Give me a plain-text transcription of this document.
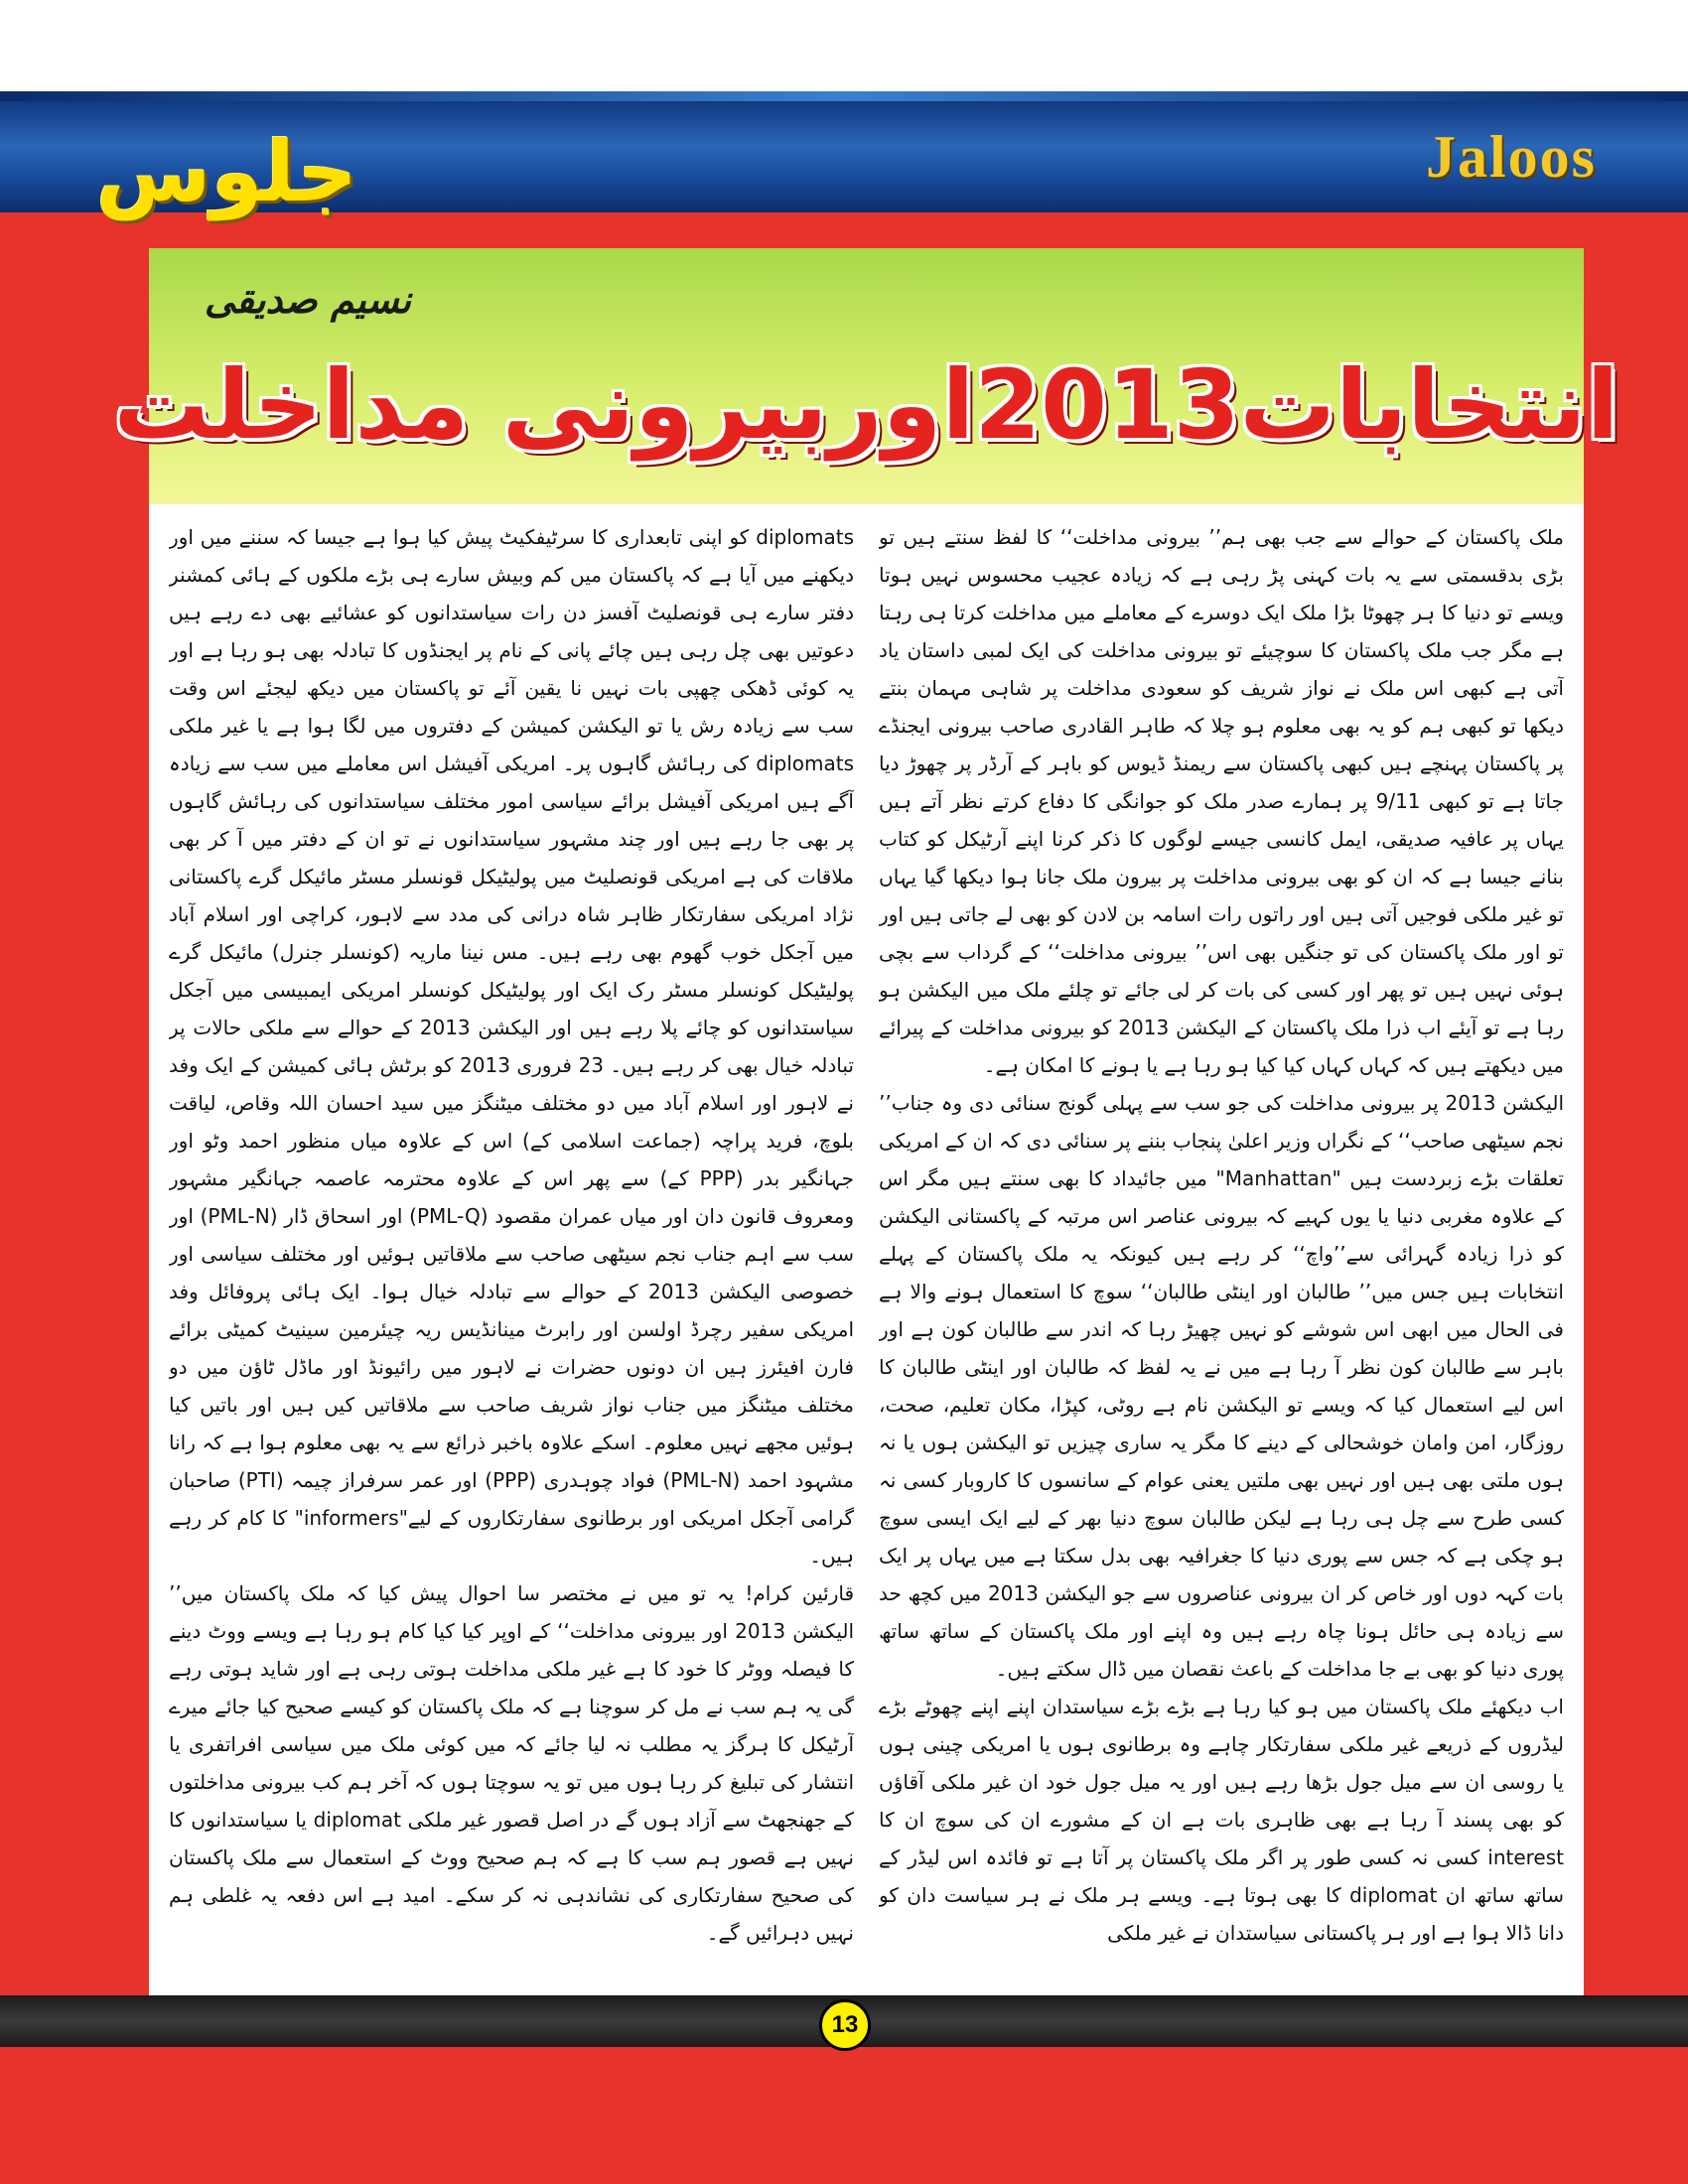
جلوس	Jaloos
نسیم صدیقی
انتخابات2013اوربیرونی مداخلت

ملک پاکستان کے حوالے سے جب بھی ہم’’ بیرونی مداخلت‘‘ کا لفظ سنتے ہیں تو بڑی بدقسمتی سے یہ بات کہنی پڑ رہی ہے کہ زیادہ عجیب محسوس نہیں ہوتا ویسے تو دنیا کا ہر چھوٹا بڑا ملک ایک دوسرے کے معاملے میں مداخلت کرتا ہی رہتا ہے مگر جب ملک پاکستان کا سوچیئے تو بیرونی مداخلت کی ایک لمبی داستان یاد آتی ہے کبھی اس ملک نے نواز شریف کو سعودی مداخلت پر شاہی مہمان بنتے دیکھا تو کبھی ہم کو یہ بھی معلوم ہو چلا کہ طاہر القادری صاحب بیرونی ایجنڈے پر پاکستان پہنچے ہیں کبھی پاکستان سے ریمنڈ ڈیوس کو باہر کے آرڈر پر چھوڑ دیا جاتا ہے تو کبھی 9/11 پر ہمارے صدر ملک کو جوانگی کا دفاع کرتے نظر آتے ہیں یہاں پر عافیہ صدیقی، ایمل کانسی جیسے لوگوں کا ذکر کرنا اپنے آرٹیکل کو کتاب بنانے جیسا ہے کہ ان کو بھی بیرونی مداخلت پر بیرون ملک جانا ہوا دیکھا گیا یہاں تو غیر ملکی فوجیں آتی ہیں اور راتوں رات اسامہ بن لادن کو بھی لے جاتی ہیں اور تو اور ملک پاکستان کی تو جنگیں بھی اس’’ بیرونی مداخلت‘‘ کے گرداب سے بچی ہوئی نہیں ہیں تو پھر اور کسی کی بات کر لی جائے تو چلئے ملک میں الیکشن ہو رہا ہے تو آیئے اب ذرا ملک پاکستان کے الیکشن 2013 کو بیرونی مداخلت کے پیرائے میں دیکھتے ہیں کہ کہاں کہاں کیا کیا ہو رہا ہے یا ہونے کا امکان ہے۔

الیکشن 2013 پر بیرونی مداخلت کی جو سب سے پہلی گونج سنائی دی وہ جناب’’ نجم سیٹھی صاحب‘‘ کے نگراں وزیر اعلیٰ پنجاب بننے پر سنائی دی کہ ان کے امریکی تعلقات بڑے زبردست ہیں "Manhattan" میں جائیداد کا بھی سنتے ہیں مگر اس کے علاوہ مغربی دنیا یا یوں کہیے کہ بیرونی عناصر اس مرتبہ کے پاکستانی الیکشن کو ذرا زیادہ گہرائی سے’’واچ‘‘ کر رہے ہیں کیونکہ یہ ملک پاکستان کے پہلے انتخابات ہیں جس میں’’ طالبان اور اینٹی طالبان‘‘ سوچ کا استعمال ہونے والا ہے فی الحال میں ابھی اس شوشے کو نہیں چھیڑ رہا کہ اندر سے طالبان کون ہے اور باہر سے طالبان کون نظر آ رہا ہے میں نے یہ لفظ کہ طالبان اور اینٹی طالبان کا اس لیے استعمال کیا کہ ویسے تو الیکشن نام ہے روٹی، کپڑا، مکان تعلیم، صحت، روزگار، امن وامان خوشحالی کے دینے کا مگر یہ ساری چیزیں تو الیکشن ہوں یا نہ ہوں ملتی بھی ہیں اور نہیں بھی ملتیں یعنی عوام کے سانسوں کا کاروبار کسی نہ کسی طرح سے چل ہی رہا ہے لیکن طالبان سوچ دنیا بھر کے لیے ایک ایسی سوچ ہو چکی ہے کہ جس سے پوری دنیا کا جغرافیہ بھی بدل سکتا ہے میں یہاں پر ایک بات کہہ دوں اور خاص کر ان بیرونی عناصروں سے جو الیکشن 2013 میں کچھ حد سے زیادہ ہی حائل ہونا چاہ رہے ہیں وہ اپنے اور ملک پاکستان کے ساتھ ساتھ پوری دنیا کو بھی بے جا مداخلت کے باعث نقصان میں ڈال سکتے ہیں۔

اب دیکھئے ملک پاکستان میں ہو کیا رہا ہے بڑے بڑے سیاستدان اپنے اپنے چھوٹے بڑے لیڈروں کے ذریعے غیر ملکی سفارتکار چاہے وہ برطانوی ہوں یا امریکی چینی ہوں یا روسی ان سے میل جول بڑھا رہے ہیں اور یہ میل جول خود ان غیر ملکی آقاؤں کو بھی پسند آ رہا ہے بھی ظاہری بات ہے ان کے مشورے ان کی سوچ ان کا interest کسی نہ کسی طور پر اگر ملک پاکستان پر آتا ہے تو فائدہ اس لیڈر کے ساتھ ساتھ ان diplomat کا بھی ہوتا ہے۔ ویسے ہر ملک نے ہر سیاست دان کو دانا ڈالا ہوا ہے اور ہر پاکستانی سیاستدان نے غیر ملکی

diplomats کو اپنی تابعداری کا سرٹیفکیٹ پیش کیا ہوا ہے جیسا کہ سننے میں اور دیکھنے میں آیا ہے کہ پاکستان میں کم وبیش سارے ہی بڑے ملکوں کے ہائی کمشنر دفتر سارے ہی قونصلیٹ آفسز دن رات سیاستدانوں کو عشائیے بھی دے رہے ہیں دعوتیں بھی چل رہی ہیں چائے پانی کے نام پر ایجنڈوں کا تبادلہ بھی ہو رہا ہے اور یہ کوئی ڈھکی چھپی بات نہیں نا یقین آئے تو پاکستان میں دیکھ لیجئے اس وقت سب سے زیادہ رش یا تو الیکشن کمیشن کے دفتروں میں لگا ہوا ہے یا غیر ملکی diplomats کی رہائش گاہوں پر۔ امریکی آفیشل اس معاملے میں سب سے زیادہ آگے ہیں امریکی آفیشل برائے سیاسی امور مختلف سیاستدانوں کی رہائش گاہوں پر بھی جا رہے ہیں اور چند مشہور سیاستدانوں نے تو ان کے دفتر میں آ کر بھی ملاقات کی ہے امریکی قونصلیٹ میں پولیٹیکل قونسلر مسٹر مائیکل گرے پاکستانی نژاد امریکی سفارتکار ظاہر شاہ درانی کی مدد سے لاہور، کراچی اور اسلام آباد میں آجکل خوب گھوم بھی رہے ہیں۔ مس نینا ماریہ (کونسلر جنرل) مائیکل گرے پولیٹیکل کونسلر مسٹر رک ایک اور پولیٹیکل کونسلر امریکی ایمبیسی میں آجکل سیاستدانوں کو چائے پلا رہے ہیں اور الیکشن 2013 کے حوالے سے ملکی حالات پر تبادلہ خیال بھی کر رہے ہیں۔ 23 فروری 2013 کو برٹش ہائی کمیشن کے ایک وفد نے لاہور اور اسلام آباد میں دو مختلف میٹنگز میں سید احسان اللہ وقاص، لیاقت بلوچ، فرید پراچہ (جماعت اسلامی کے) اس کے علاوہ میاں منظور احمد وٹو اور جہانگیر بدر (PPP کے) سے پھر اس کے علاوہ محترمہ عاصمہ جہانگیر مشہور ومعروف قانون دان اور میاں عمران مقصود (PML-Q) اور اسحاق ڈار (PML-N) اور سب سے اہم جناب نجم سیٹھی صاحب سے ملاقاتیں ہوئیں اور مختلف سیاسی اور خصوصی الیکشن 2013 کے حوالے سے تبادلہ خیال ہوا۔ ایک ہائی پروفائل وفد امریکی سفیر رچرڈ اولسن اور رابرٹ مینانڈیس ریہ چیئرمین سینیٹ کمیٹی برائے فارن افیئرز ہیں ان دونوں حضرات نے لاہور میں رائیونڈ اور ماڈل ٹاؤن میں دو مختلف میٹنگز میں جناب نواز شریف صاحب سے ملاقاتیں کیں ہیں اور باتیں کیا ہوئیں مجھے نہیں معلوم۔ اسکے علاوہ باخبر ذرائع سے یہ بھی معلوم ہوا ہے کہ رانا مشہود احمد (PML-N) فواد چوہدری (PPP) اور عمر سرفراز چیمہ (PTI) صاحبان گرامی آجکل امریکی اور برطانوی سفارتکاروں کے لیے"informers" کا کام کر رہے ہیں۔

قارئین کرام! یہ تو میں نے مختصر سا احوال پیش کیا کہ ملک پاکستان میں’’ الیکشن 2013 اور بیرونی مداخلت‘‘ کے اوپر کیا کیا کام ہو رہا ہے ویسے ووٹ دینے کا فیصلہ ووٹر کا خود کا ہے غیر ملکی مداخلت ہوتی رہی ہے اور شاید ہوتی رہے گی یہ ہم سب نے مل کر سوچنا ہے کہ ملک پاکستان کو کیسے صحیح کیا جائے میرے آرٹیکل کا ہرگز یہ مطلب نہ لیا جائے کہ میں کوئی ملک میں سیاسی افراتفری یا انتشار کی تبلیغ کر رہا ہوں میں تو یہ سوچتا ہوں کہ آخر ہم کب بیرونی مداخلتوں کے جھنجھٹ سے آزاد ہوں گے در اصل قصور غیر ملکی diplomat یا سیاستدانوں کا نہیں ہے قصور ہم سب کا ہے کہ ہم صحیح ووٹ کے استعمال سے ملک پاکستان کی صحیح سفارتکاری کی نشاندہی نہ کر سکے۔ امید ہے اس دفعہ یہ غلطی ہم نہیں دہرائیں گے۔

13
